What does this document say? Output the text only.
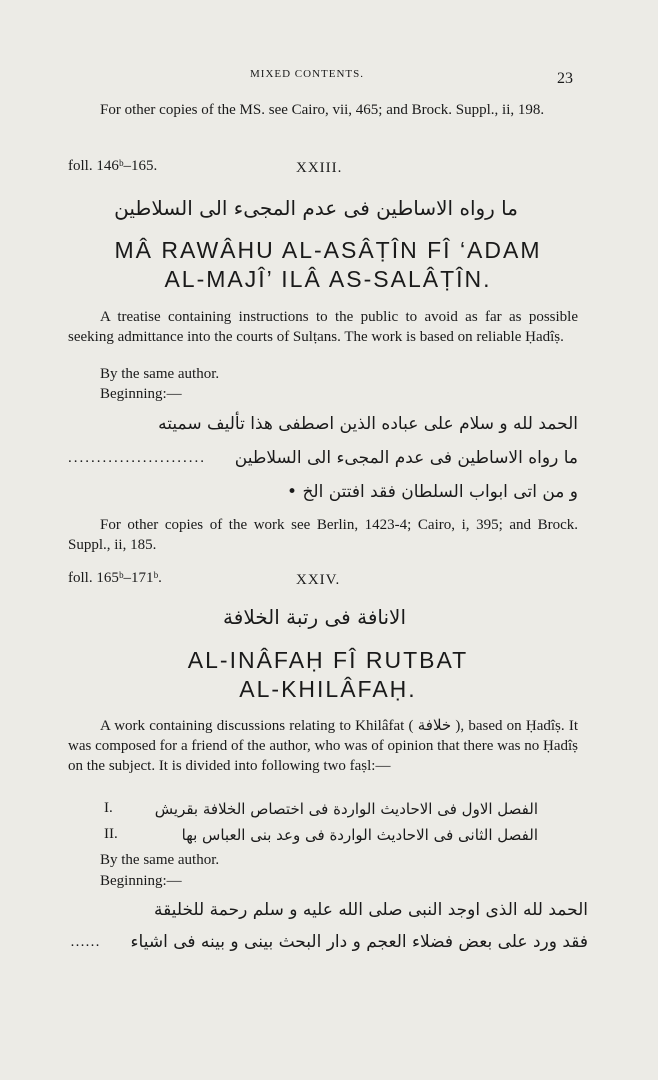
MIXED CONTENTS.	23
For other copies of the MS. see Cairo, vii, 465; and Brock. Suppl., ii, 198.
foll. 146ᵇ–165.	XXIII.
ما رواه الاساطين فى عدم المجىء الى السلاطين
MÂ RAWÂHU AL-ASÂṬÎN FÎ ‘ADAM
AL-MAJÎ’ ILÂ AS-SALÂṬÎN.
A treatise containing instructions to the public to avoid as far as possible seeking admittance into the courts of Sulṭans. The work is based on reliable Ḥadîṣ.
By the same author.
Beginning:—
الحمد لله و سلام على عباده الذين اصطفى هذا تأليف سميته
........................ ما رواه الاساطين فى عدم المجىء الى السلاطين
و من اتى ابواب السلطان فقد افتتن الخ •
For other copies of the work see Berlin, 1423-4; Cairo, i, 395; and Brock. Suppl., ii, 185.
foll. 165ᵇ–171ᵇ.	XXIV.
الانافة فى رتبة الخلافة
AL-INÂFAḤ FÎ RUTBAT
AL-KHILÂFAḤ.
A work containing discussions relating to Khilâfat ( خلافة ), based on Ḥadîṣ. It was composed for a friend of the author, who was of opinion that there was no Ḥadîṣ on the subject. It is divided into following two faṣl:—
I.	الفصل الاول فى الاحاديث الواردة فى اختصاص الخلافة بقريش
II.	الفصل الثانى فى الاحاديث الواردة فى وعد بنى العباس بها
By the same author.
Beginning:—
الحمد لله الذى اوجد النبى صلى الله عليه و سلم رحمة للخليقة
…… فقد ورد على بعض فضلاء العجم و دار البحث بينى و بينه فى اشياء
